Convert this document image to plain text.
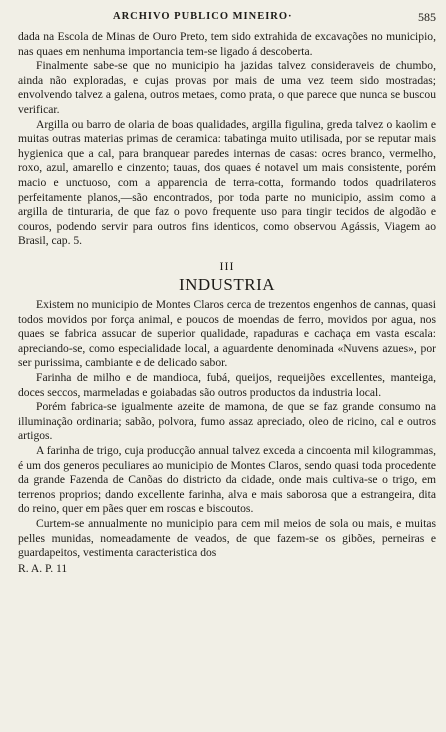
ARCHIVO PUBLICO MINEIRO·	585

dada na Escola de Minas de Ouro Preto, tem sido extrahida de excavações no municipio, nas quaes em nenhuma importancia tem-se ligado á descoberta.

Finalmente sabe-se que no municipio ha jazidas talvez consideraveis de chumbo, ainda não exploradas, e cujas provas por mais de uma vez teem sido mostradas; envolvendo talvez a galena, outros metaes, como prata, o que parece que nunca se buscou verificar.

Argilla ou barro de olaria de boas qualidades, argilla figulina, greda talvez o kaolim e muitas outras materias primas de ceramica: tabatinga muito utilisada, por se reputar mais hygienica que a cal, para branquear paredes internas de casas: ocres branco, vermelho, roxo, azul, amarello e cinzento; tauas, dos quaes é notavel um mais consistente, porém macio e unctuoso, com a apparencia de terra-cotta, formando todos quadrilateros perfeitamente planos,—são encontrados, por toda parte no municipio, assim como a argilla de tinturaria, de que faz o povo frequente uso para tingir tecidos de algodão e couros, podendo servir para outros fins identicos, como observou Agássis, Viagem ao Brasil, cap. 5.

III
INDUSTRIA

Existem no municipio de Montes Claros cerca de trezentos engenhos de cannas, quasi todos movidos por força animal, e poucos de moendas de ferro, movidos por agua, nos quaes se fabrica assucar de superior qualidade, rapaduras e cachaça em vasta escala: apreciando-se, como especialidade local, a aguardente denominada «Nuvens azues», por ser purissima, cambiante e de delicado sabor.

Farinha de milho e de mandioca, fubá, queijos, requeijões excellentes, manteiga, doces seccos, marmeladas e goiabadas são outros productos da industria local.

Porém fabrica-se igualmente azeite de mamona, de que se faz grande consumo na illuminação ordinaria; sabão, polvora, fumo assaz apreciado, oleo de ricino, cal e outros artigos.

A farinha de trigo, cuja producção annual talvez exceda a cincoenta mil kilogrammas, é um dos generos peculiares ao municipio de Montes Claros, sendo quasi toda procedente da grande Fazenda de Canõas do districto da cidade, onde mais cultiva-se o trigo, em terrenos proprios; dando excellente farinha, alva e mais saborosa que a estrangeira, dita do reino, quer em pães quer em roscas e biscoutos.

Curtem-se annualmente no municipio para cem mil meios de sola ou mais, e muitas pelles munidas, nomeadamente de veados, de que fazem-se os gibões, perneiras e guardapeitos, vestimenta caracteristica dos

R. A. P. 11
